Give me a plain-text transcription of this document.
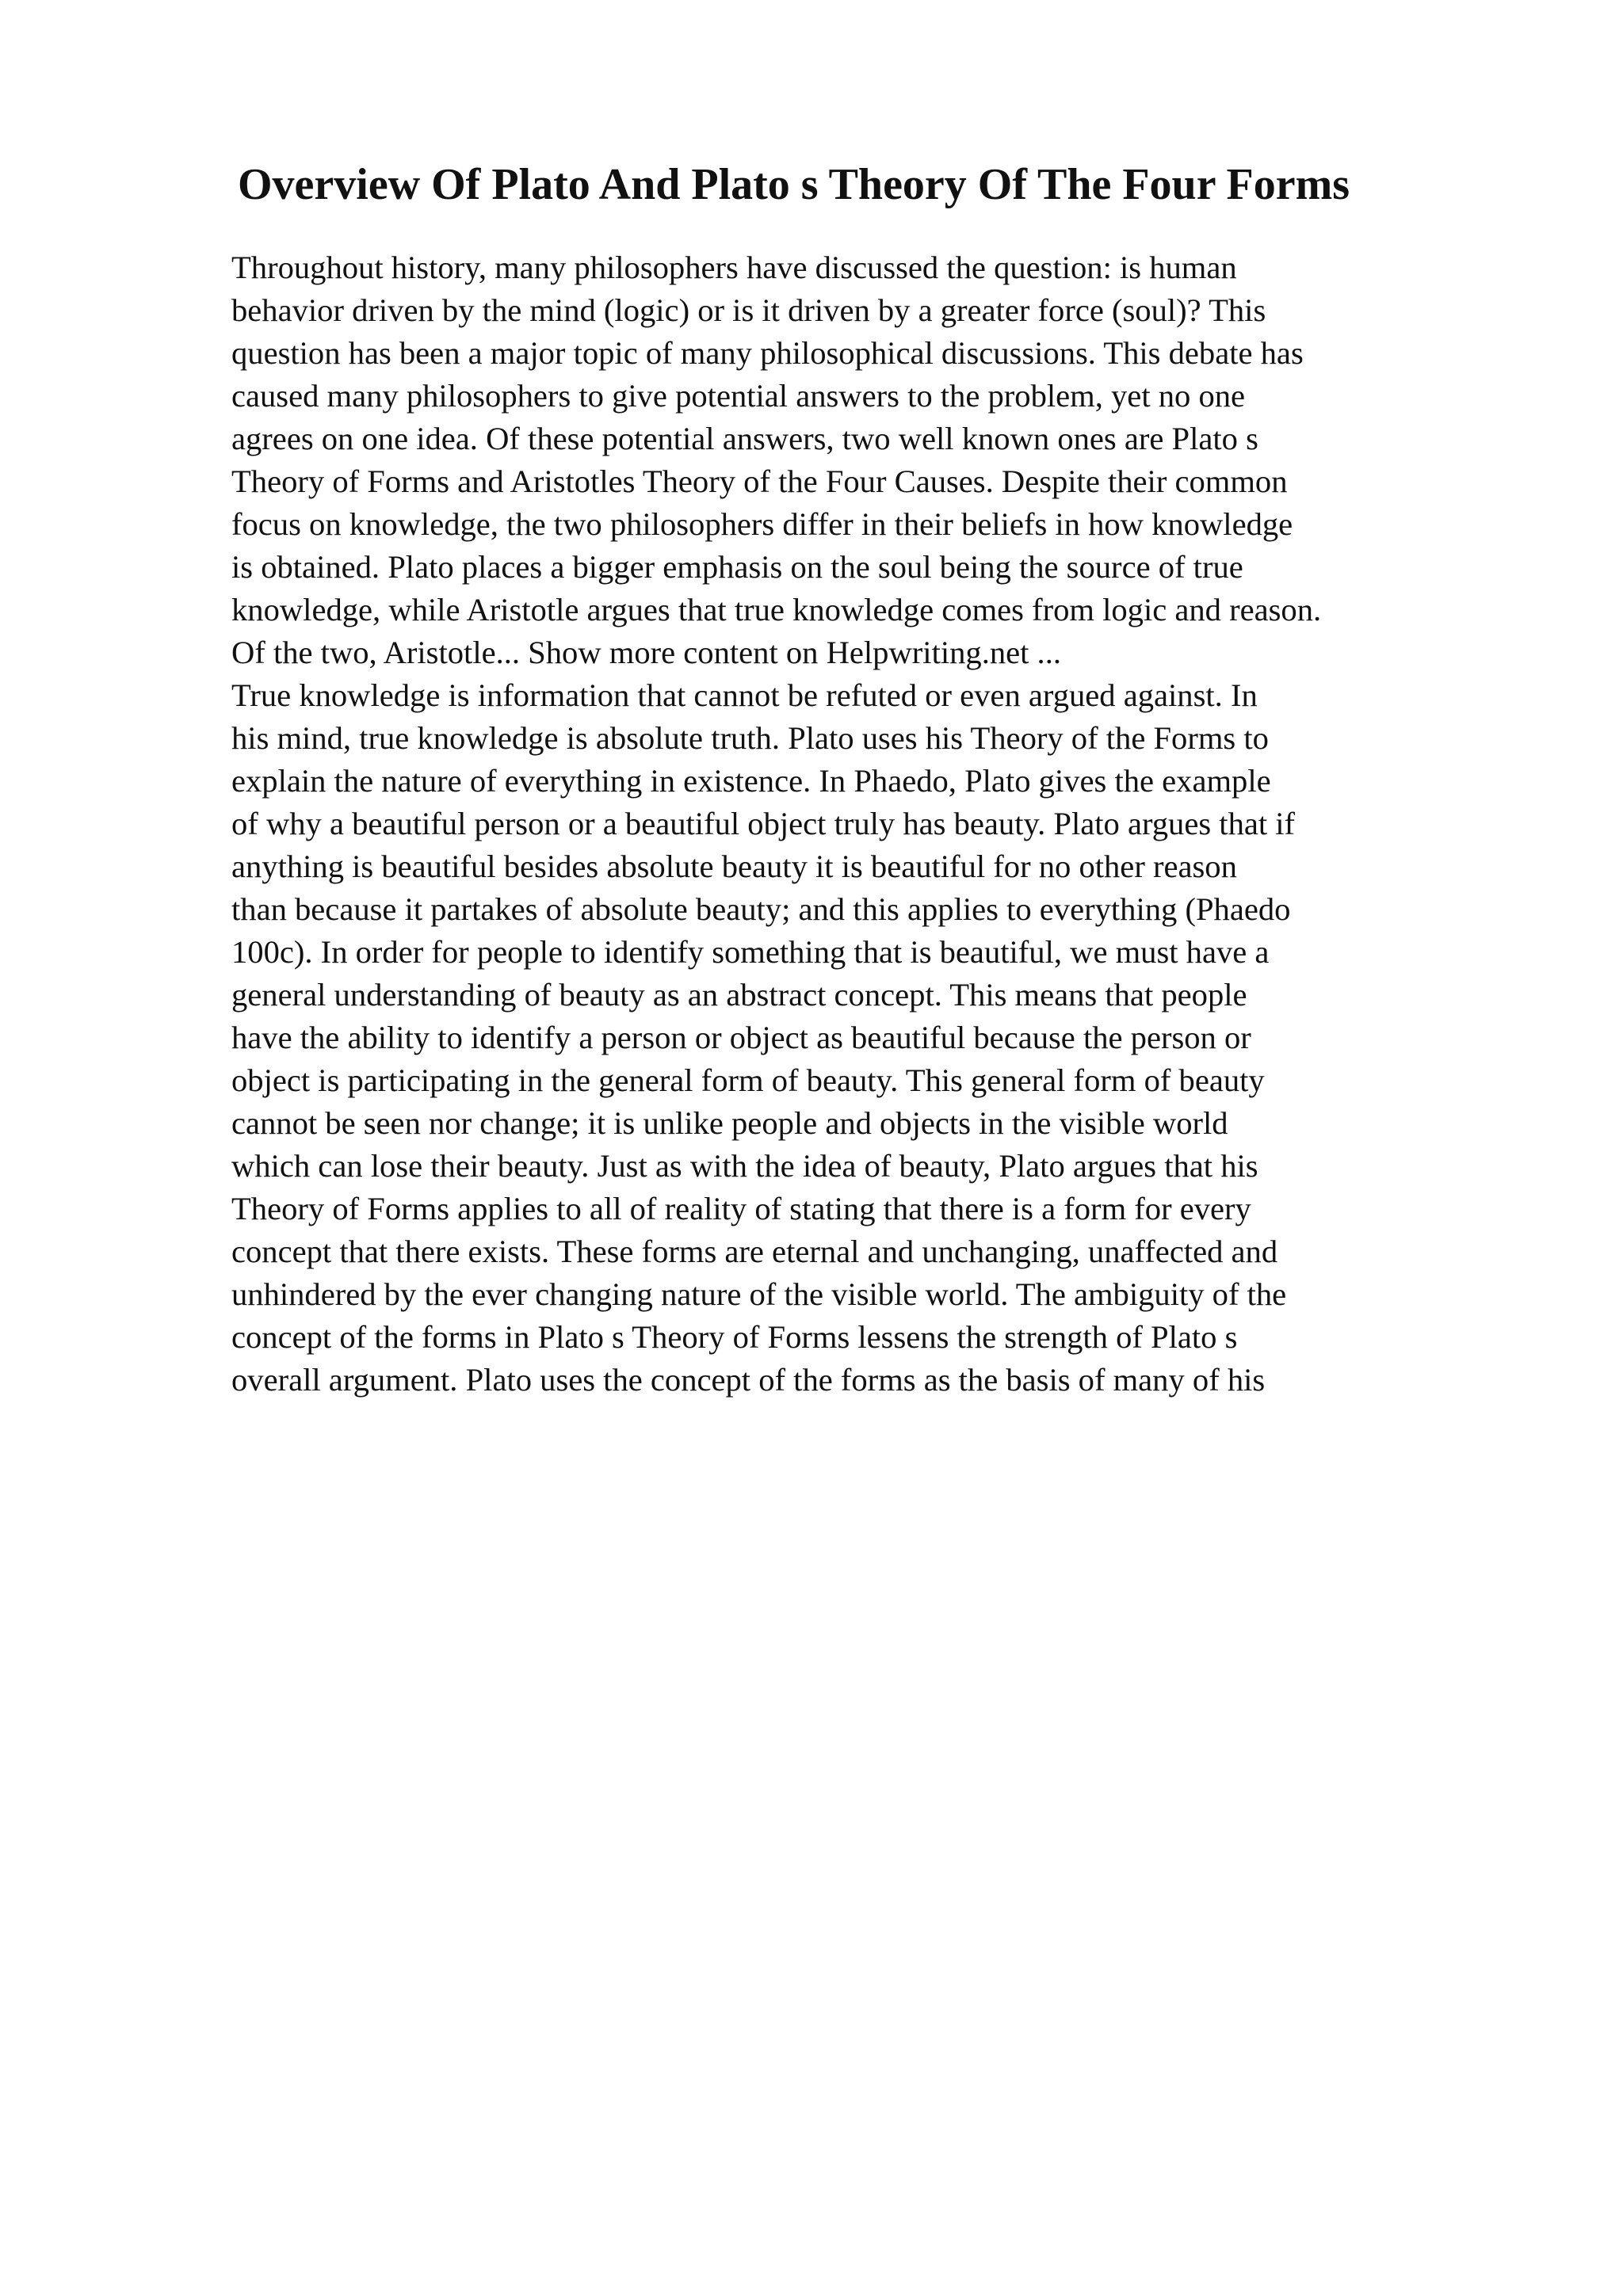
Overview Of Plato And Plato s Theory Of The Four Forms
Throughout history, many philosophers have discussed the question: is human
behavior driven by the mind (logic) or is it driven by a greater force (soul)? This
question has been a major topic of many philosophical discussions. This debate has
caused many philosophers to give potential answers to the problem, yet no one
agrees on one idea. Of these potential answers, two well known ones are Plato s
Theory of Forms and Aristotles Theory of the Four Causes. Despite their common
focus on knowledge, the two philosophers differ in their beliefs in how knowledge
is obtained. Plato places a bigger emphasis on the soul being the source of true
knowledge, while Aristotle argues that true knowledge comes from logic and reason.
Of the two, Aristotle... Show more content on Helpwriting.net ...
True knowledge is information that cannot be refuted or even argued against. In
his mind, true knowledge is absolute truth. Plato uses his Theory of the Forms to
explain the nature of everything in existence. In Phaedo, Plato gives the example
of why a beautiful person or a beautiful object truly has beauty. Plato argues that if
anything is beautiful besides absolute beauty it is beautiful for no other reason
than because it partakes of absolute beauty; and this applies to everything (Phaedo
100c). In order for people to identify something that is beautiful, we must have a
general understanding of beauty as an abstract concept. This means that people
have the ability to identify a person or object as beautiful because the person or
object is participating in the general form of beauty. This general form of beauty
cannot be seen nor change; it is unlike people and objects in the visible world
which can lose their beauty. Just as with the idea of beauty, Plato argues that his
Theory of Forms applies to all of reality of stating that there is a form for every
concept that there exists. These forms are eternal and unchanging, unaffected and
unhindered by the ever changing nature of the visible world. The ambiguity of the
concept of the forms in Plato s Theory of Forms lessens the strength of Plato s
overall argument. Plato uses the concept of the forms as the basis of many of his
